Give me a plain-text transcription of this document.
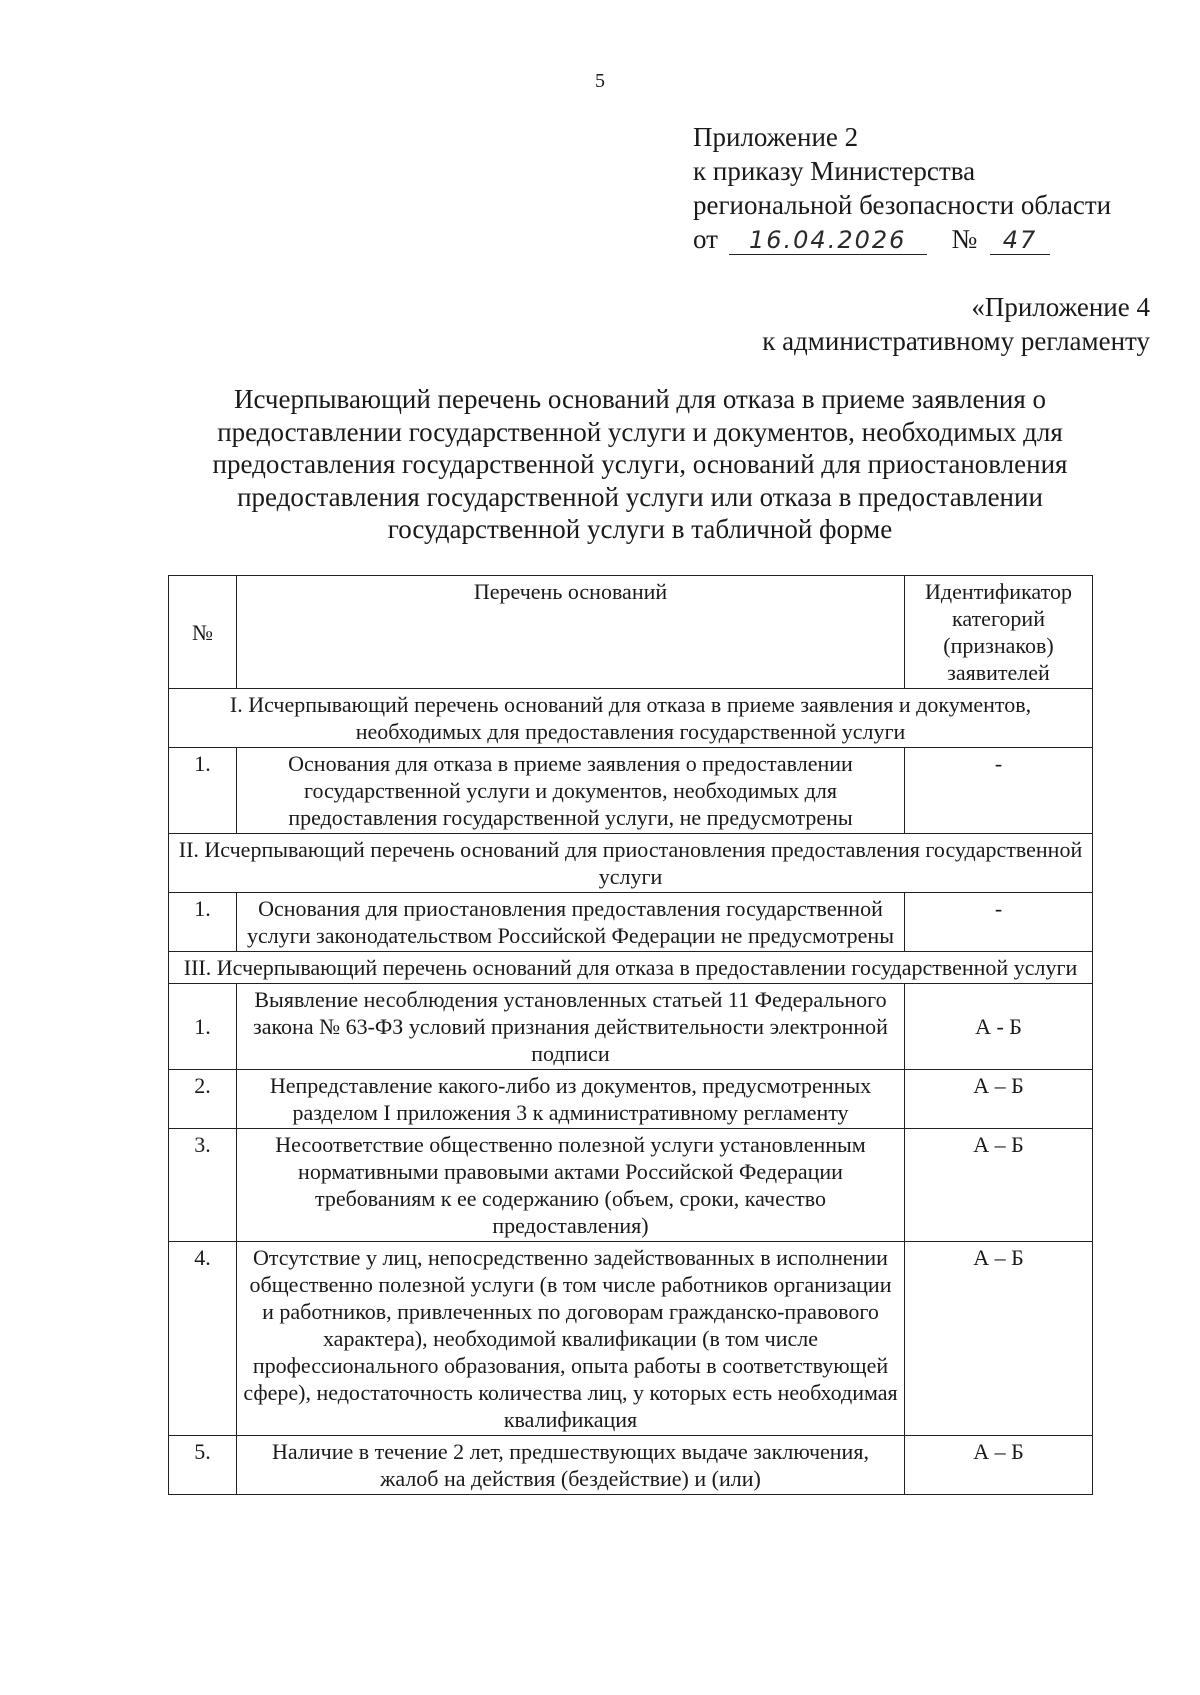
5
Приложение 2
к приказу Министерства
региональной безопасности области
от 16.04.2026 № 47
«Приложение 4
к административному регламенту
Исчерпывающий перечень оснований для отказа в приеме заявления о
предоставлении государственной услуги и документов, необходимых для
предоставления государственной услуги, оснований для приостановления
предоставления государственной услуги или отказа в предоставлении
государственной услуги в табличной форме
№	Перечень оснований	Идентификатор категорий (признаков) заявителей
I. Исчерпывающий перечень оснований для отказа в приеме заявления и документов, необходимых для предоставления государственной услуги		
1.	Основания для отказа в приеме заявления о предоставлении государственной услуги и документов, необходимых для предоставления государственной услуги, не предусмотрены	-
II. Исчерпывающий перечень оснований для приостановления предоставления государственной услуги		
1.	Основания для приостановления предоставления государственной услуги законодательством Российской Федерации не предусмотрены	-
III. Исчерпывающий перечень оснований для отказа в предоставлении государственной услуги		
1.	Выявление несоблюдения установленных статьей 11 Федерального закона № 63-ФЗ условий признания действительности электронной подписи	А - Б
2.	Непредставление какого-либо из документов, предусмотренных разделом I приложения 3 к административному регламенту	А – Б
3.	Несоответствие общественно полезной услуги установленным нормативными правовыми актами Российской Федерации требованиям к ее содержанию (объем, сроки, качество предоставления)	А – Б
4.	Отсутствие у лиц, непосредственно задействованных в исполнении общественно полезной услуги (в том числе работников организации и работников, привлеченных по договорам гражданско-правового характера), необходимой квалификации (в том числе профессионального образования, опыта работы в соответствующей сфере), недостаточность количества лиц, у которых есть необходимая квалификация	А – Б
5.	Наличие в течение 2 лет, предшествующих выдаче заключения, жалоб на действия (бездействие) и (или)	А – Б
